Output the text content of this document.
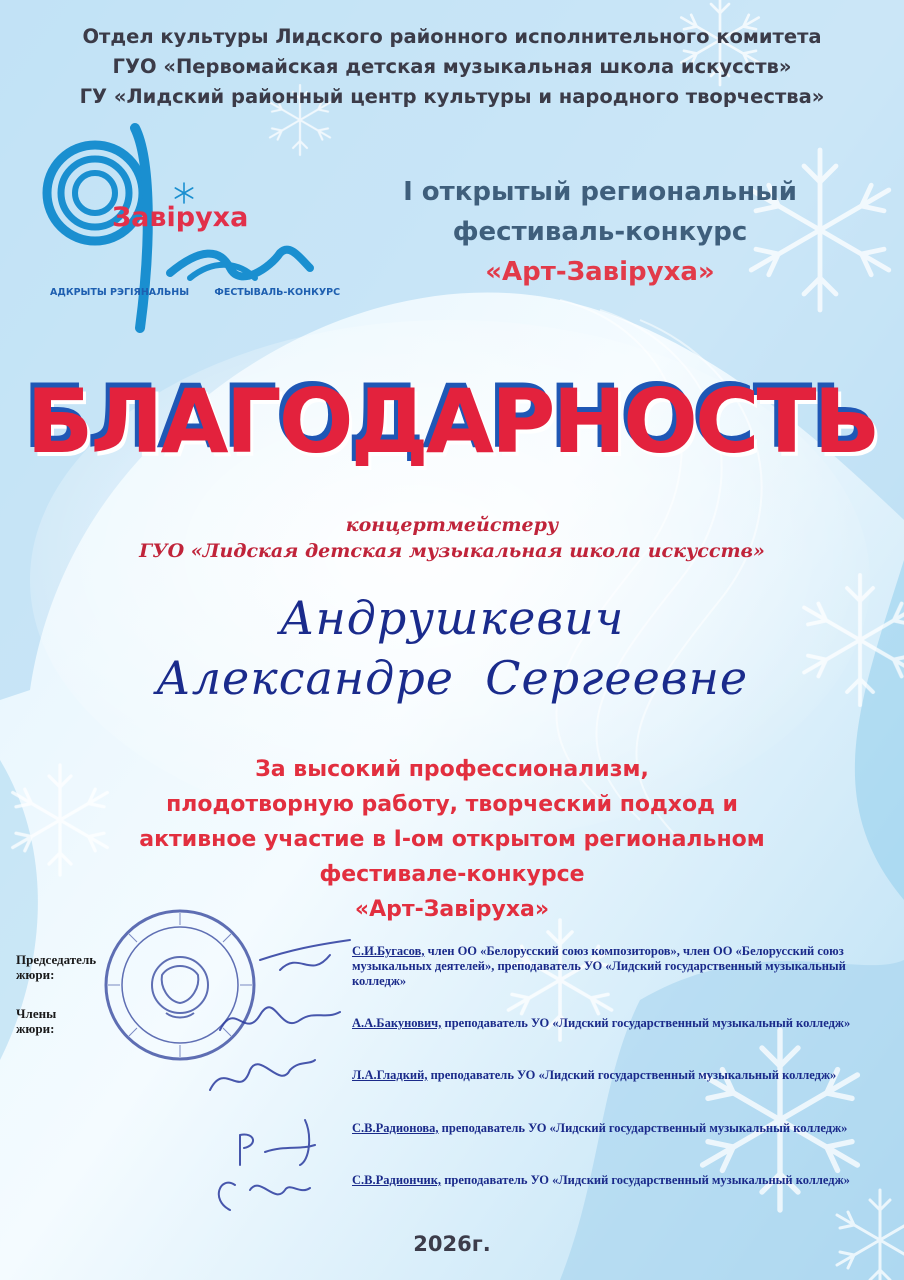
Отдел культуры Лидского районного исполнительного комитета
ГУО «Первомайская детская музыкальная школа искусств»
ГУ «Лидский районный центр культуры и народного творчества»
Завіруха
АДКРЫТЫ РЭГІЯНАЛЬНЫ	ФЕСТЫВАЛЬ-КОНКУРС
I открытый региональный
фестиваль-конкурс
«Арт-Завіруха»
БЛАГОДАРНОСТЬ
концертмейстеру
ГУО «Лидская детская музыкальная школа искусств»
Андрушкевич
Александре  Сергеевне
За высокий профессионализм,
плодотворную работу, творческий подход и
активное участие в I-ом открытом региональном
фестивале-конкурсе
«Арт-Завіруха»
Председатель
жюри:
Члены
жюри:
С.И.Бугасов, член ОО «Белорусский союз композиторов», член ОО «Белорусский союз музыкальных деятелей», преподаватель УО «Лидский государственный музыкальный колледж»
А.А.Бакунович, преподаватель УО «Лидский государственный музыкальный колледж»
Л.А.Гладкий, преподаватель УО «Лидский государственный музыкальный колледж»
С.В.Радионова, преподаватель УО «Лидский государственный музыкальный колледж»
С.В.Радиончик, преподаватель УО «Лидский государственный музыкальный колледж»
2026г.
